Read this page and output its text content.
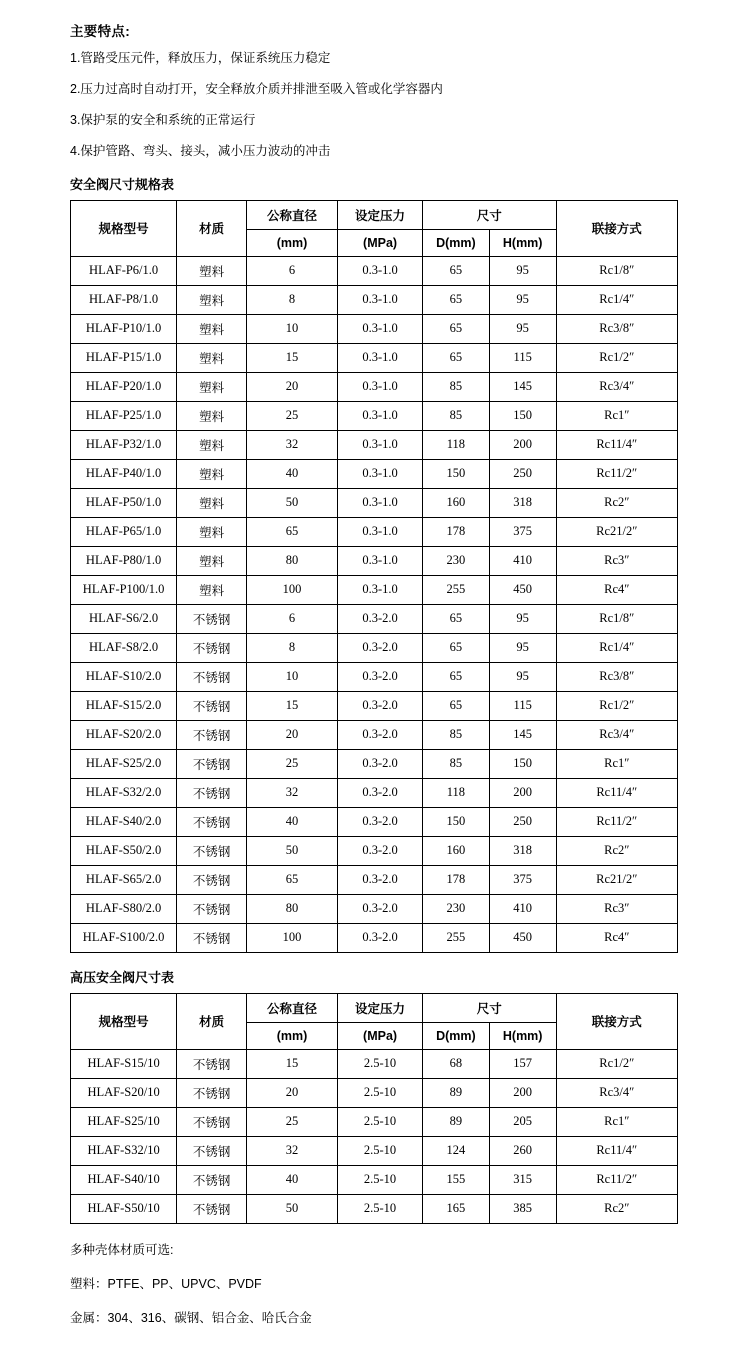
主要特点:

1.管路受压元件，释放压力，保证系统压力稳定

2.压力过高时自动打开，安全释放介质并排泄至吸入管或化学容器内

3.保护泵的安全和系统的正常运行

4.保护管路、弯头、接头，减小压力波动的冲击

安全阀尺寸规格表
规格型号	材质	公称直径	设定压力	尺寸		联接方式
		(mm)	(MPa)	D(mm)	H(mm)	
HLAF-P6/1.0	塑料	6	0.3-1.0	65	95	Rc1/8″
HLAF-P8/1.0	塑料	8	0.3-1.0	65	95	Rc1/4″
HLAF-P10/1.0	塑料	10	0.3-1.0	65	95	Rc3/8″
HLAF-P15/1.0	塑料	15	0.3-1.0	65	115	Rc1/2″
HLAF-P20/1.0	塑料	20	0.3-1.0	85	145	Rc3/4″
HLAF-P25/1.0	塑料	25	0.3-1.0	85	150	Rc1″
HLAF-P32/1.0	塑料	32	0.3-1.0	118	200	Rc11/4″
HLAF-P40/1.0	塑料	40	0.3-1.0	150	250	Rc11/2″
HLAF-P50/1.0	塑料	50	0.3-1.0	160	318	Rc2″
HLAF-P65/1.0	塑料	65	0.3-1.0	178	375	Rc21/2″
HLAF-P80/1.0	塑料	80	0.3-1.0	230	410	Rc3″
HLAF-P100/1.0	塑料	100	0.3-1.0	255	450	Rc4″
HLAF-S6/2.0	不锈钢	6	0.3-2.0	65	95	Rc1/8″
HLAF-S8/2.0	不锈钢	8	0.3-2.0	65	95	Rc1/4″
HLAF-S10/2.0	不锈钢	10	0.3-2.0	65	95	Rc3/8″
HLAF-S15/2.0	不锈钢	15	0.3-2.0	65	115	Rc1/2″
HLAF-S20/2.0	不锈钢	20	0.3-2.0	85	145	Rc3/4″
HLAF-S25/2.0	不锈钢	25	0.3-2.0	85	150	Rc1″
HLAF-S32/2.0	不锈钢	32	0.3-2.0	118	200	Rc11/4″
HLAF-S40/2.0	不锈钢	40	0.3-2.0	150	250	Rc11/2″
HLAF-S50/2.0	不锈钢	50	0.3-2.0	160	318	Rc2″
HLAF-S65/2.0	不锈钢	65	0.3-2.0	178	375	Rc21/2″
HLAF-S80/2.0	不锈钢	80	0.3-2.0	230	410	Rc3″
HLAF-S100/2.0	不锈钢	100	0.3-2.0	255	450	Rc4″
高压安全阀尺寸表
规格型号	材质	公称直径	设定压力	尺寸		联接方式
		(mm)	(MPa)	D(mm)	H(mm)	
HLAF-S15/10	不锈钢	15	2.5-10	68	157	Rc1/2″
HLAF-S20/10	不锈钢	20	2.5-10	89	200	Rc3/4″
HLAF-S25/10	不锈钢	25	2.5-10	89	205	Rc1″
HLAF-S32/10	不锈钢	32	2.5-10	124	260	Rc11/4″
HLAF-S40/10	不锈钢	40	2.5-10	155	315	Rc11/2″
HLAF-S50/10	不锈钢	50	2.5-10	165	385	Rc2″

多种壳体材质可选:

塑料：PTFE、PP、UPVC、PVDF

金属：304、316、碳钢、铝合金、哈氏合金
